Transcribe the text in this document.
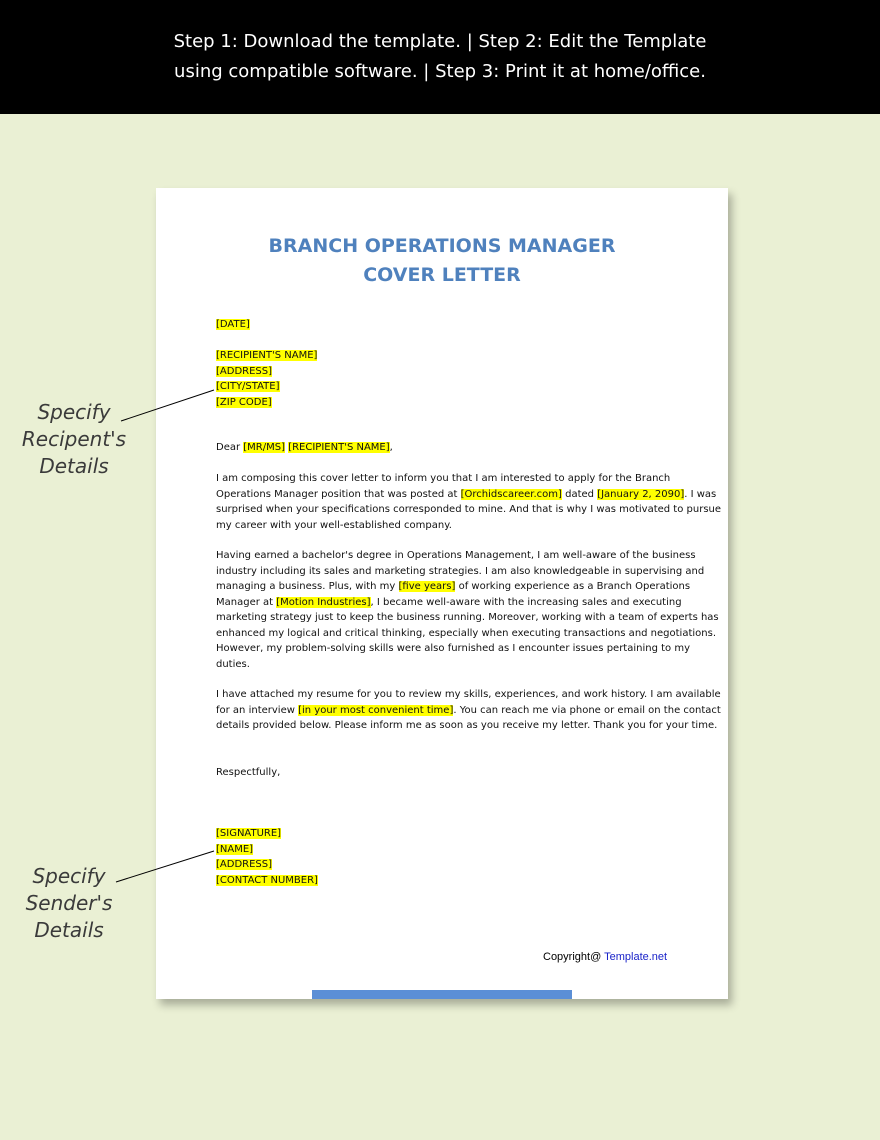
Step 1: Download the template. | Step 2: Edit the Template
using compatible software. | Step 3: Print it at home/office.
BRANCH OPERATIONS MANAGER
COVER LETTER
[DATE]
[RECIPIENT'S NAME]
[ADDRESS]
[CITY/STATE]
[ZIP CODE]
Dear [MR/MS] [RECIPIENT'S NAME],
I am composing this cover letter to inform you that I am interested to apply for the Branch
Operations Manager position that was posted at [Orchidscareer.com] dated [January 2, 2090]. I was
surprised when your specifications corresponded to mine. And that is why I was motivated to pursue
my career with your well-established company.
Having earned a bachelor's degree in Operations Management, I am well-aware of the business
industry including its sales and marketing strategies. I am also knowledgeable in supervising and
managing a business. Plus, with my [five years] of working experience as a Branch Operations
Manager at [Motion Industries], I became well-aware with the increasing sales and executing
marketing strategy just to keep the business running. Moreover, working with a team of experts has
enhanced my logical and critical thinking, especially when executing transactions and negotiations.
However, my problem-solving skills were also furnished as I encounter issues pertaining to my
duties.
I have attached my resume for you to review my skills, experiences, and work history. I am available
for an interview [in your most convenient time]. You can reach me via phone or email on the contact
details provided below. Please inform me as soon as you receive my letter. Thank you for your time.
Respectfully,
[SIGNATURE]
[NAME]
[ADDRESS]
[CONTACT NUMBER]
Copyright@ Template.net
Specify
Recipent's
Details
Specify
Sender's
Details
